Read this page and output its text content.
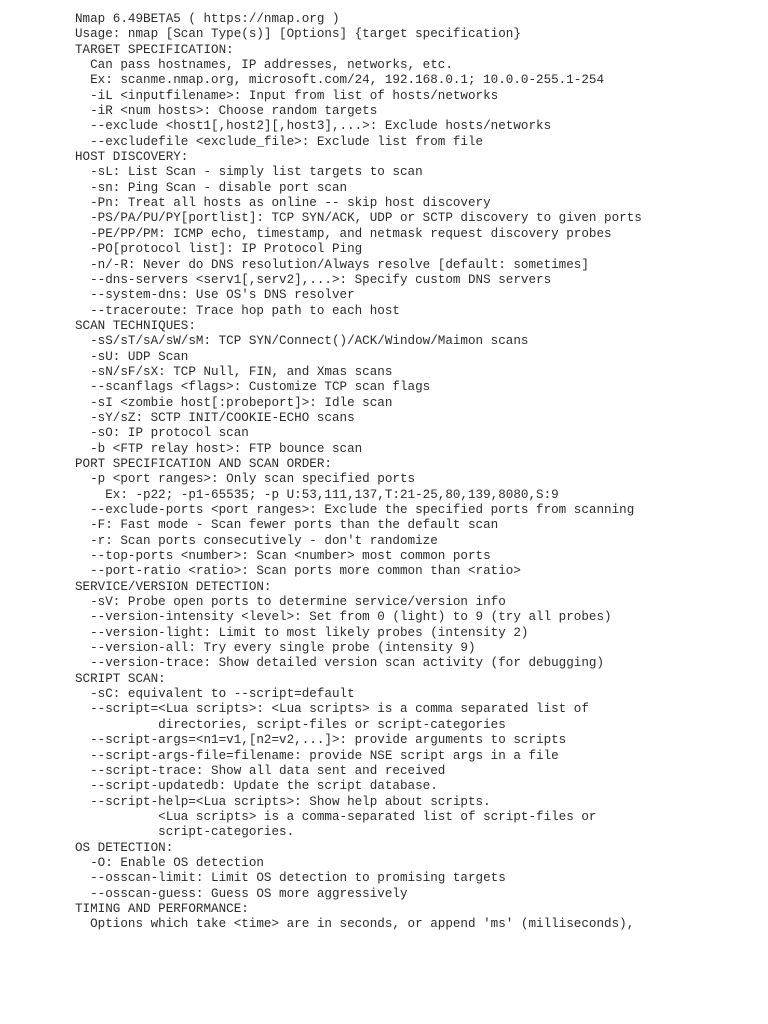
Nmap 6.49BETA5 ( https://nmap.org )
Usage: nmap [Scan Type(s)] [Options] {target specification}
TARGET SPECIFICATION:
Can pass hostnames, IP addresses, networks, etc.
Ex: scanme.nmap.org, microsoft.com/24, 192.168.0.1; 10.0.0-255.1-254
-iL <inputfilename>: Input from list of hosts/networks
-iR <num hosts>: Choose random targets
--exclude <host1[,host2][,host3],...>: Exclude hosts/networks
--excludefile <exclude_file>: Exclude list from file
HOST DISCOVERY:
-sL: List Scan - simply list targets to scan
-sn: Ping Scan - disable port scan
-Pn: Treat all hosts as online -- skip host discovery
-PS/PA/PU/PY[portlist]: TCP SYN/ACK, UDP or SCTP discovery to given ports
-PE/PP/PM: ICMP echo, timestamp, and netmask request discovery probes
-PO[protocol list]: IP Protocol Ping
-n/-R: Never do DNS resolution/Always resolve [default: sometimes]
--dns-servers <serv1[,serv2],...>: Specify custom DNS servers
--system-dns: Use OS's DNS resolver
--traceroute: Trace hop path to each host
SCAN TECHNIQUES:
-sS/sT/sA/sW/sM: TCP SYN/Connect()/ACK/Window/Maimon scans
-sU: UDP Scan
-sN/sF/sX: TCP Null, FIN, and Xmas scans
--scanflags <flags>: Customize TCP scan flags
-sI <zombie host[:probeport]>: Idle scan
-sY/sZ: SCTP INIT/COOKIE-ECHO scans
-sO: IP protocol scan
-b <FTP relay host>: FTP bounce scan
PORT SPECIFICATION AND SCAN ORDER:
-p <port ranges>: Only scan specified ports
Ex: -p22; -p1-65535; -p U:53,111,137,T:21-25,80,139,8080,S:9
--exclude-ports <port ranges>: Exclude the specified ports from scanning
-F: Fast mode - Scan fewer ports than the default scan
-r: Scan ports consecutively - don't randomize
--top-ports <number>: Scan <number> most common ports
--port-ratio <ratio>: Scan ports more common than <ratio>
SERVICE/VERSION DETECTION:
-sV: Probe open ports to determine service/version info
--version-intensity <level>: Set from 0 (light) to 9 (try all probes)
--version-light: Limit to most likely probes (intensity 2)
--version-all: Try every single probe (intensity 9)
--version-trace: Show detailed version scan activity (for debugging)
SCRIPT SCAN:
-sC: equivalent to --script=default
--script=<Lua scripts>: <Lua scripts> is a comma separated list of
directories, script-files or script-categories
--script-args=<n1=v1,[n2=v2,...]>: provide arguments to scripts
--script-args-file=filename: provide NSE script args in a file
--script-trace: Show all data sent and received
--script-updatedb: Update the script database.
--script-help=<Lua scripts>: Show help about scripts.
<Lua scripts> is a comma-separated list of script-files or
script-categories.
OS DETECTION:
-O: Enable OS detection
--osscan-limit: Limit OS detection to promising targets
--osscan-guess: Guess OS more aggressively
TIMING AND PERFORMANCE:
Options which take <time> are in seconds, or append 'ms' (milliseconds),
